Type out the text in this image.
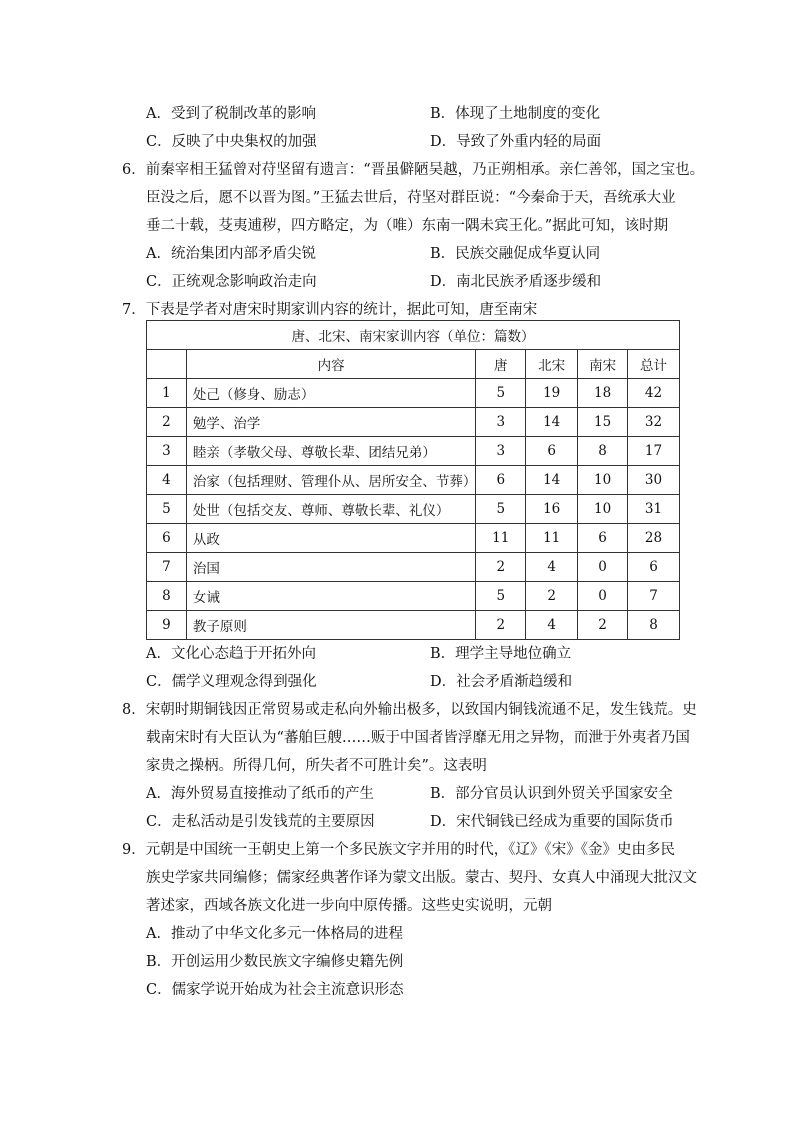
A．受到了税制改革的影响	B．体现了土地制度的变化
C．反映了中央集权的加强	D．导致了外重内轻的局面
6．前秦宰相王猛曾对苻坚留有遗言：“晋虽僻陋吴越，乃正朔相承。亲仁善邻，国之宝也。
臣没之后，愿不以晋为图。”王猛去世后，苻坚对群臣说：“今秦命于天，吾统承大业
垂二十载，芟夷逋秽，四方略定，为（唯）东南一隅未宾王化。”据此可知，该时期
A．统治集团内部矛盾尖锐	B．民族交融促成华夏认同
C．正统观念影响政治走向	D．南北民族矛盾逐步缓和
7．下表是学者对唐宋时期家训内容的统计，据此可知，唐至南宋
唐、北宋、南宋家训内容（单位：篇数）					
	内容	唐	北宋	南宋	总计
1	处己（修身、励志）	5	19	18	42
2	勉学、治学	3	14	15	32
3	睦亲（孝敬父母、尊敬长辈、团结兄弟）	3	6	8	17
4	治家（包括理财、管理仆从、居所安全、节葬）	6	14	10	30
5	处世（包括交友、尊师、尊敬长辈、礼仪）	5	16	10	31
6	从政	11	11	6	28
7	治国	2	4	0	6
8	女诫	5	2	0	7
9	教子原则	2	4	2	8
A．文化心态趋于开拓外向	B．理学主导地位确立
C．儒学义理观念得到强化	D．社会矛盾渐趋缓和
8．宋朝时期铜钱因正常贸易或走私向外输出极多，以致国内铜钱流通不足，发生钱荒。史
载南宋时有大臣认为“蕃舶巨艘……贩于中国者皆浮靡无用之异物，而泄于外夷者乃国
家贵之操柄。所得几何，所失者不可胜计矣”。这表明
A．海外贸易直接推动了纸币的产生	B．部分官员认识到外贸关乎国家安全
C．走私活动是引发钱荒的主要原因	D．宋代铜钱已经成为重要的国际货币
9．元朝是中国统一王朝史上第一个多民族文字并用的时代，《辽》《宋》《金》史由多民
族史学家共同编修；儒家经典著作译为蒙文出版。蒙古、契丹、女真人中涌现大批汉文
著述家，西域各族文化进一步向中原传播。这些史实说明，元朝
A．推动了中华文化多元一体格局的进程
B．开创运用少数民族文字编修史籍先例
C．儒家学说开始成为社会主流意识形态
